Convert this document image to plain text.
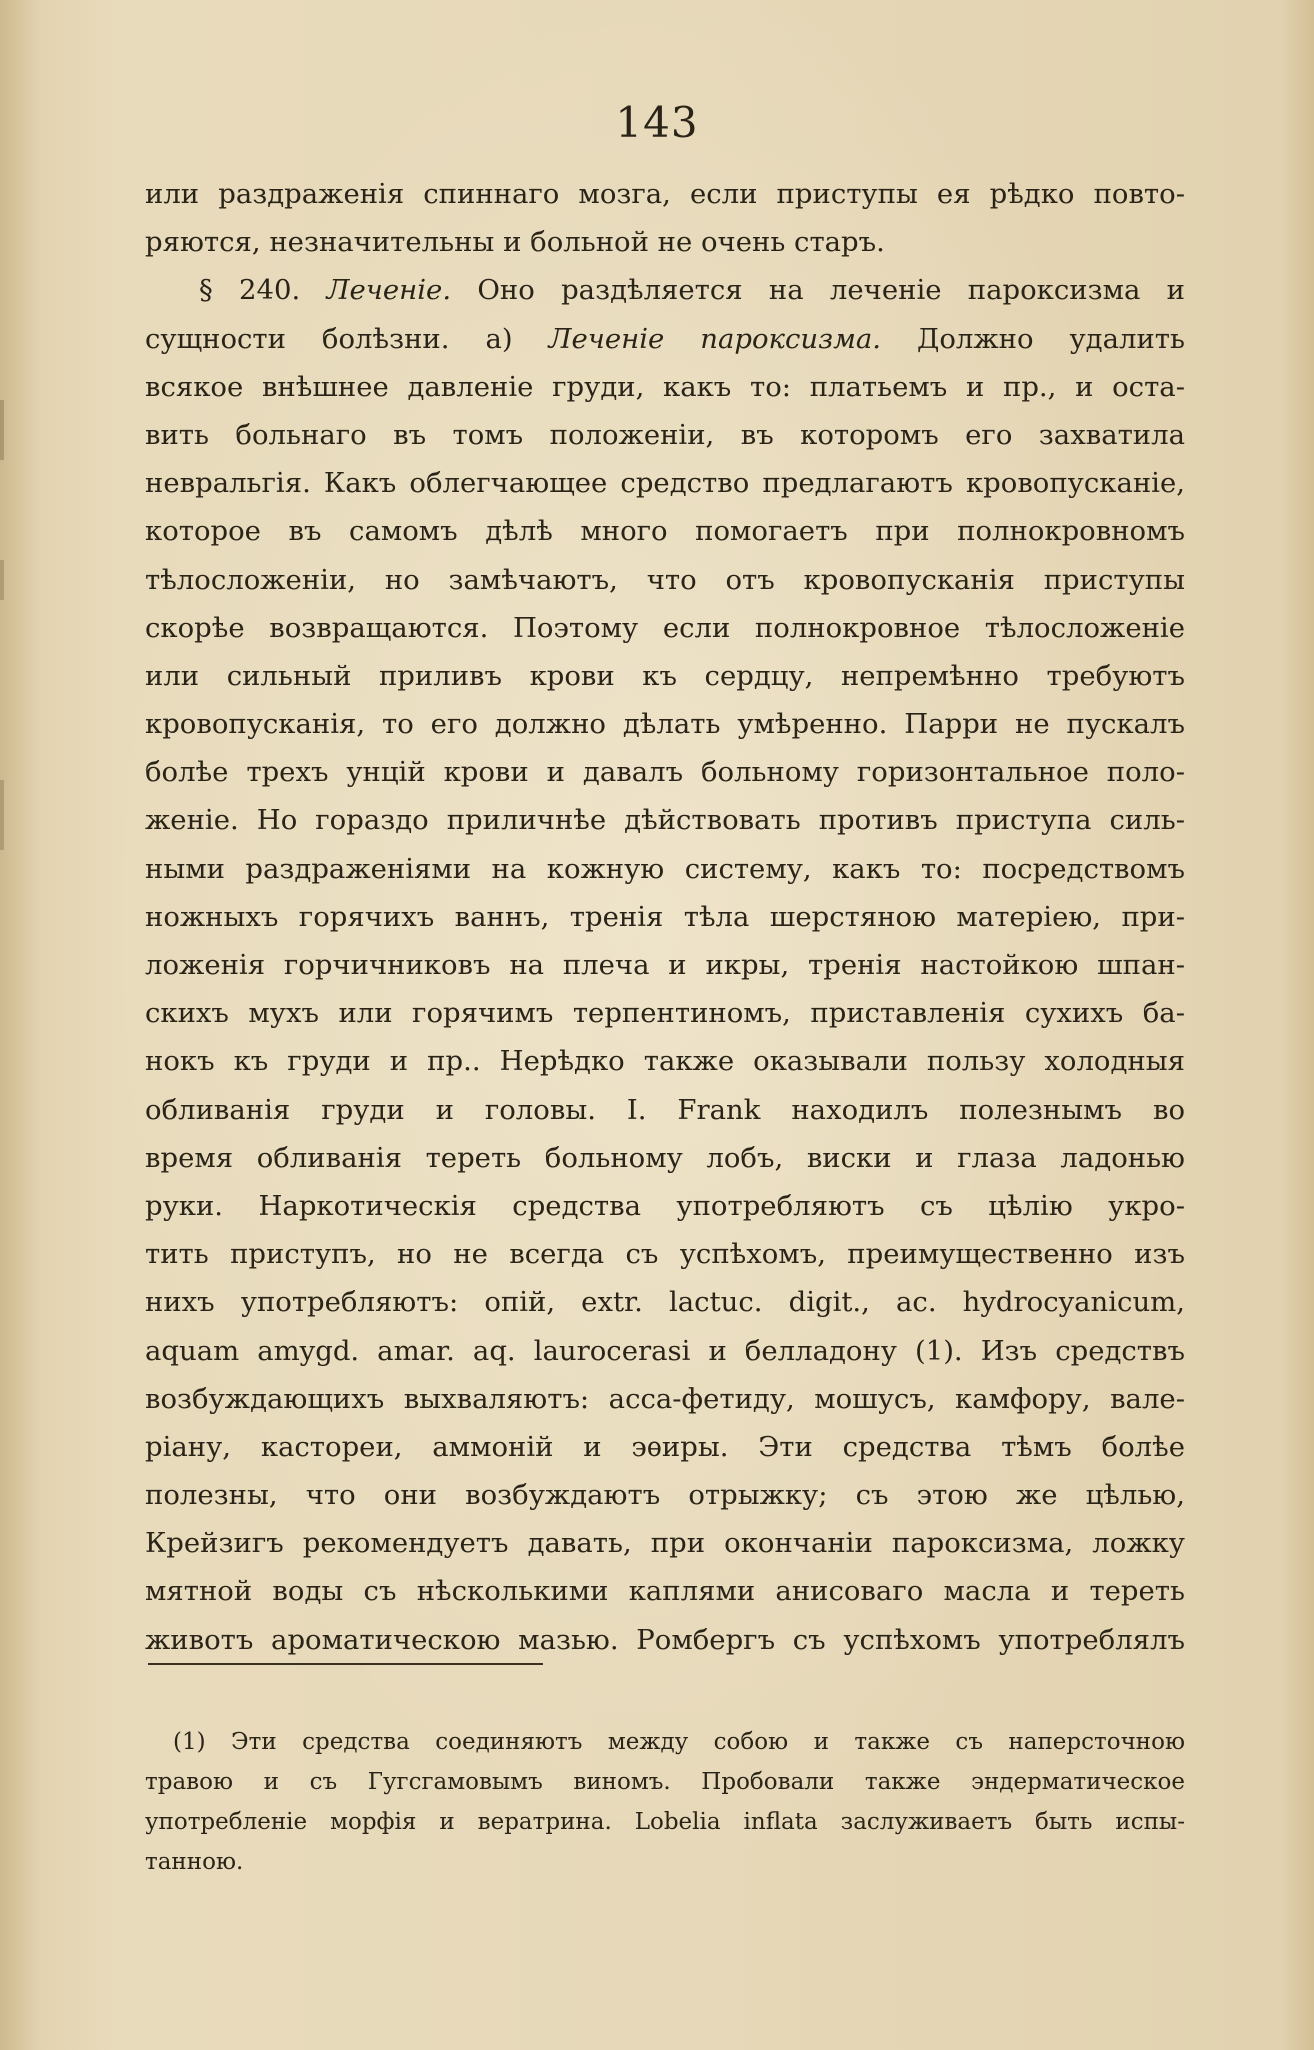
143
или раздраженія спиннаго мозга, если приступы ея рѣдко повто-
ряются, незначительны и больной не очень старъ.
§ 240. Леченіе. Оно раздѣляется на леченіе пароксизма и
сущности болѣзни. а) Леченіе пароксизма. Должно удалить
всякое внѣшнее давленіе груди, какъ то: платьемъ и пр., и оста-
вить больнаго въ томъ положеніи, въ которомъ его захватила
невральгія. Какъ облегчающее средство предлагаютъ кровопусканіе,
которое въ самомъ дѣлѣ много помогаетъ при полнокровномъ
тѣлосложеніи, но замѣчаютъ, что отъ кровопусканія приступы
скорѣе возвращаются. Поэтому если полнокровное тѣлосложеніе
или сильный приливъ крови къ сердцу, непремѣнно требуютъ
кровопусканія, то его должно дѣлать умѣренно. Парри не пускалъ
болѣе трехъ унцій крови и давалъ больному горизонтальное поло-
женіе. Но гораздо приличнѣе дѣйствовать противъ приступа силь-
ными раздраженіями на кожную систему, какъ то: посредствомъ
ножныхъ горячихъ ваннъ, тренія тѣла шерстяною матеріею, при-
ложенія горчичниковъ на плеча и икры, тренія настойкою шпан-
скихъ мухъ или горячимъ терпентиномъ, приставленія сухихъ ба-
нокъ къ груди и пр.. Нерѣдко также оказывали пользу холодныя
обливанія груди и головы. I. Frank находилъ полезнымъ во
время обливанія тереть больному лобъ, виски и глаза ладонью
руки. Наркотическія средства употребляютъ съ цѣлію укро-
тить приступъ, но не всегда съ успѣхомъ, преимущественно изъ
нихъ употребляютъ: опій, extr. lactuc. digit., ac. hydrocyanicum,
aquam amygd. amar. aq. laurocerasi и белладону (1). Изъ средствъ
возбуждающихъ выхваляютъ: асса-фетиду, мошусъ, камфору, вале-
ріану, кастореи, аммоній и эѳиры. Эти средства тѣмъ болѣе
полезны, что они возбуждаютъ отрыжку; съ этою же цѣлью,
Крейзигъ рекомендуетъ давать, при окончаніи пароксизма, ложку
мятной воды съ нѣсколькими каплями анисоваго масла и тереть
животъ ароматическою мазью. Ромбергъ съ успѣхомъ употреблялъ
(1) Эти средства соединяютъ между собою и также съ наперсточною
травою и съ Гугсгамовымъ виномъ. Пробовали также эндерматическое
употребленіе морфія и вератрина. Lobelia inflata заслуживаетъ быть испы-
танною.
